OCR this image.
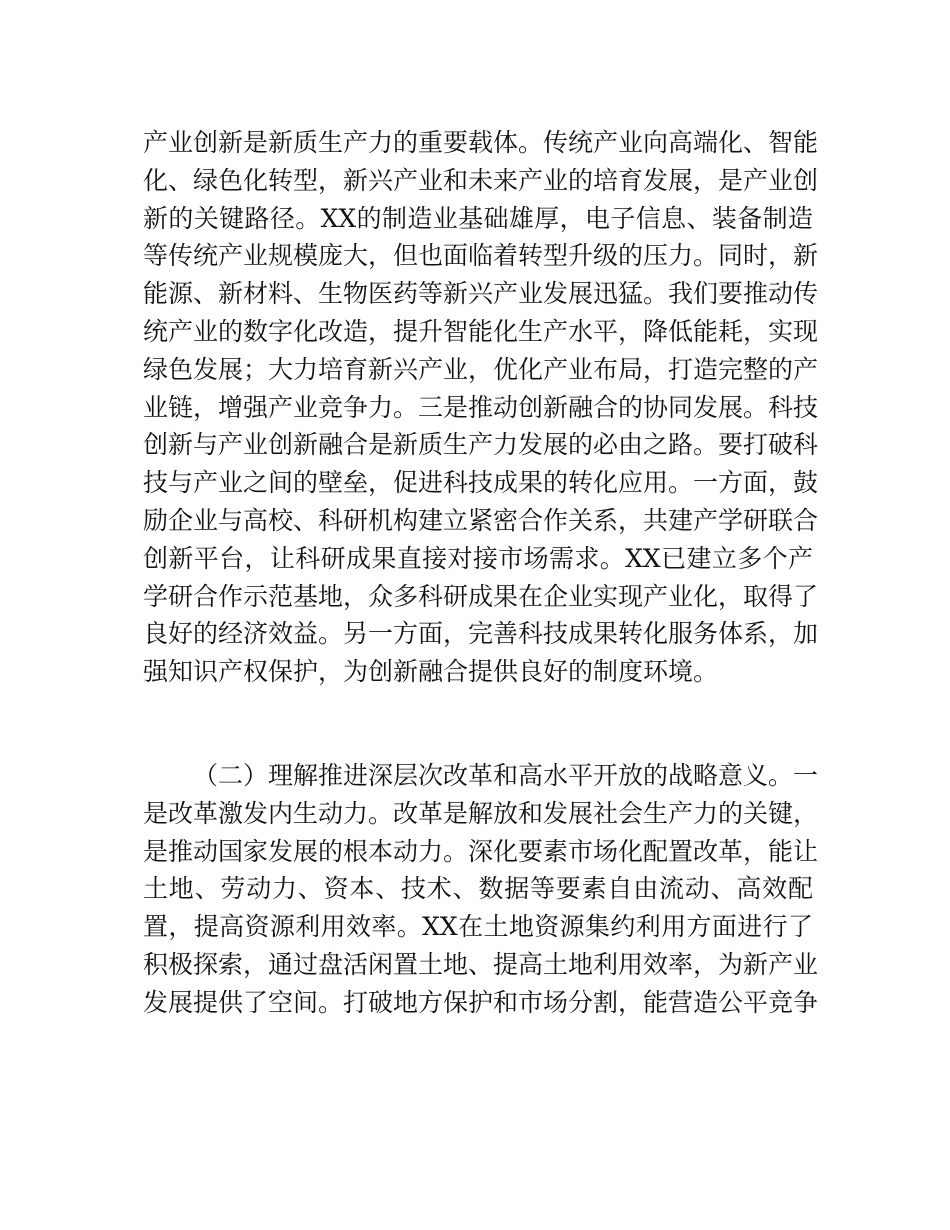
产业创新是新质生产力的重要载体。传统产业向高端化、智能
化、绿色化转型，新兴产业和未来产业的培育发展，是产业创
新的关键路径。XX的制造业基础雄厚，电子信息、装备制造
等传统产业规模庞大，但也面临着转型升级的压力。同时，新
能源、新材料、生物医药等新兴产业发展迅猛。我们要推动传
统产业的数字化改造，提升智能化生产水平，降低能耗，实现
绿色发展；大力培育新兴产业，优化产业布局，打造完整的产
业链，增强产业竞争力。三是推动创新融合的协同发展。科技
创新与产业创新融合是新质生产力发展的必由之路。要打破科
技与产业之间的壁垒，促进科技成果的转化应用。一方面，鼓
励企业与高校、科研机构建立紧密合作关系，共建产学研联合
创新平台，让科研成果直接对接市场需求。XX已建立多个产
学研合作示范基地，众多科研成果在企业实现产业化，取得了
良好的经济效益。另一方面，完善科技成果转化服务体系，加
强知识产权保护，为创新融合提供良好的制度环境。
（二）理解推进深层次改革和高水平开放的战略意义。一
是改革激发内生动力。改革是解放和发展社会生产力的关键，
是推动国家发展的根本动力。深化要素市场化配置改革，能让
土地、劳动力、资本、技术、数据等要素自由流动、高效配
置，提高资源利用效率。XX在土地资源集约利用方面进行了
积极探索，通过盘活闲置土地、提高土地利用效率，为新产业
发展提供了空间。打破地方保护和市场分割，能营造公平竞争
